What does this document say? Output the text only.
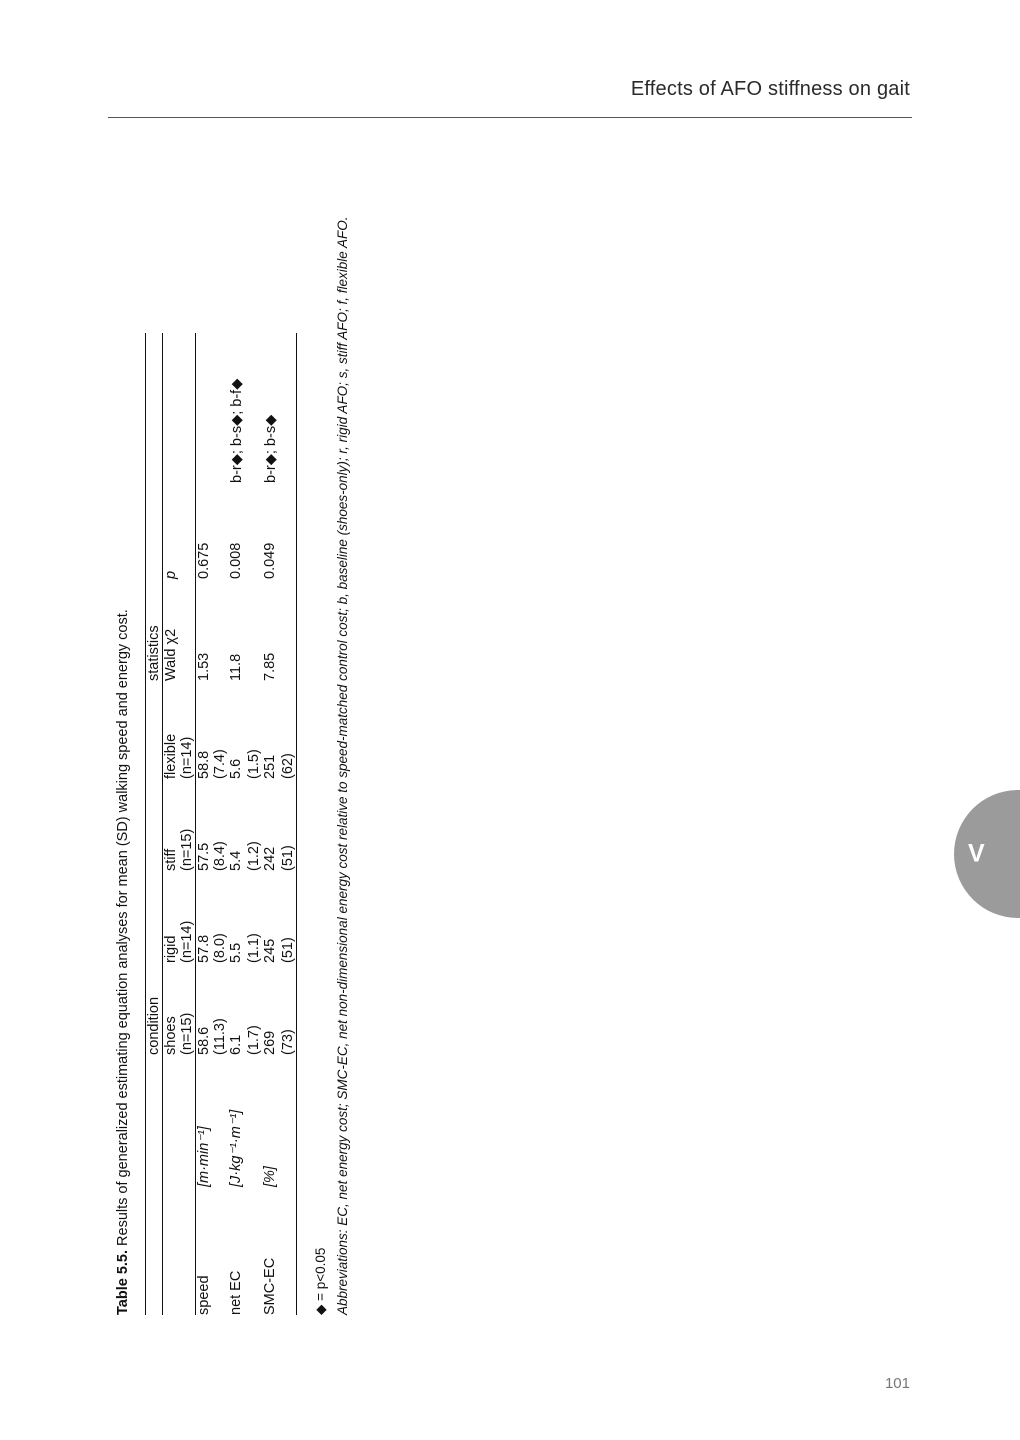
Effects of AFO stiffness on gait
V

Table 5.5. Results of generalized estimating equation analyses for mean (SD) walking speed and energy cost.

		condition				statistics		
		shoes	rigid	stiff	flexible	Wald χ2	p	
		(n=15)	(n=14)	(n=15)	(n=14)			
speed	[m·min⁻¹]	58.6	57.8	57.5	58.8	1.53	0.675	
		(11.3)	(8.0)	(8.4)	(7.4)			
net EC	[J·kg⁻¹·m⁻¹]	6.1	5.5	5.4	5.6	11.8	0.008	b-r◆; b-s◆; b-f◆
		(1.7)	(1.1)	(1.2)	(1.5)			
SMC-EC	[%]	269	245	242	251	7.85	0.049	b-r◆; b-s◆
		(73)	(51)	(51)	(62)			

◆ = p<0.05 Abbreviations: EC, net energy cost; SMC-EC, net non-dimensional energy cost relative to speed-matched control cost; b, baseline (shoes-only); r, rigid AFO; s, stiff AFO; f, flexible AFO.

101
